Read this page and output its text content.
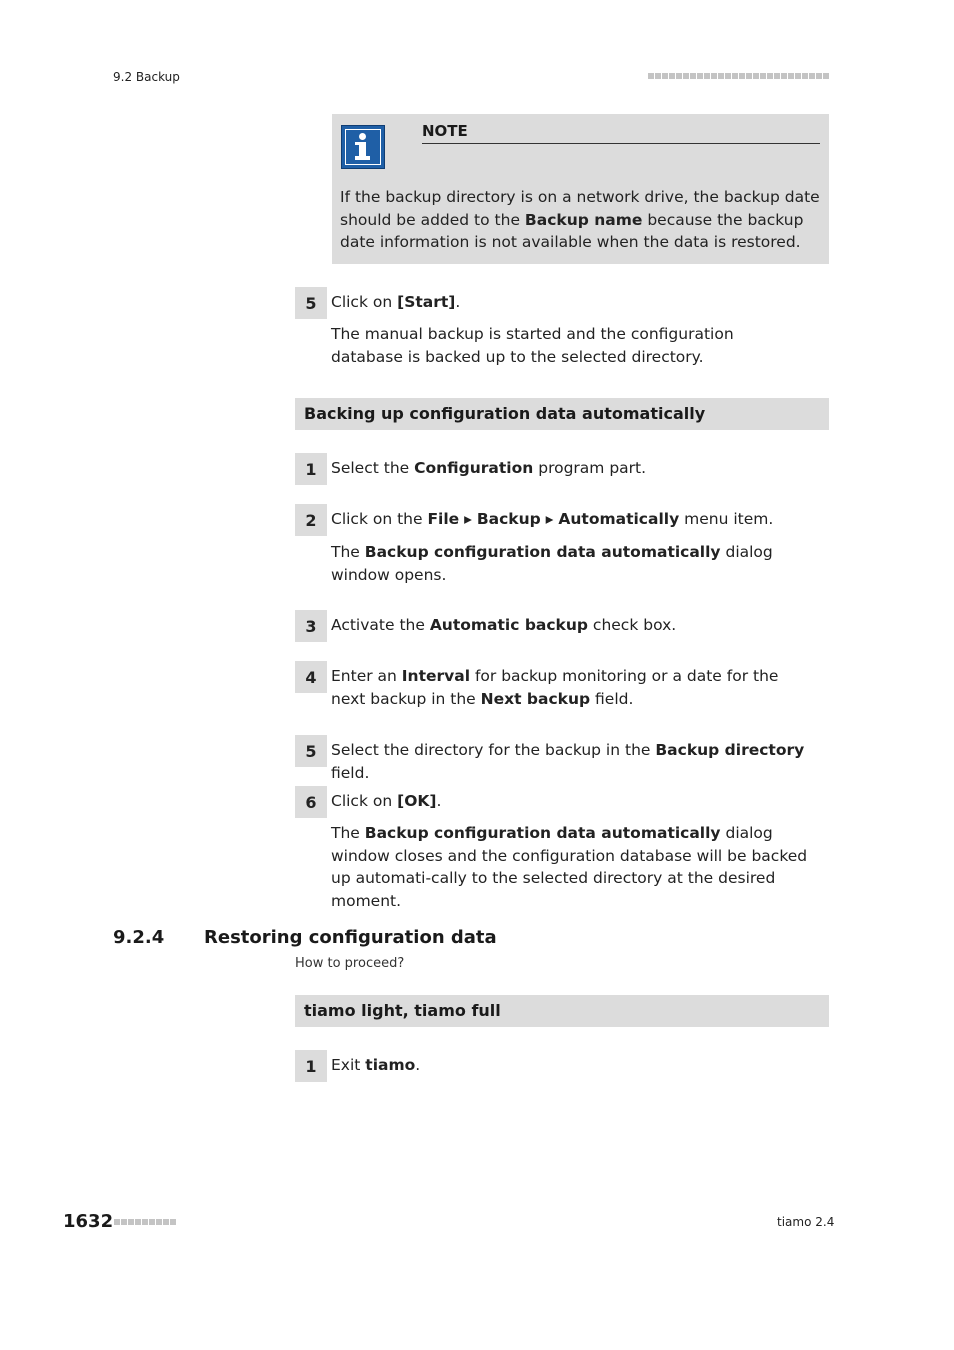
9.2 Backup
NOTE
If the backup directory is on a network drive, the backup date should be added to the Backup name because the backup date information is not available when the data is restored.
5 Click on [Start].
The manual backup is started and the configuration database is backed up to the selected directory.
Backing up configuration data automatically
1 Select the Configuration program part.
2 Click on the File ▸ Backup ▸ Automatically menu item.
The Backup configuration data automatically dialog window opens.
3 Activate the Automatic backup check box.
4 Enter an Interval for backup monitoring or a date for the next backup in the Next backup field.
5 Select the directory for the backup in the Backup directory field.
6 Click on [OK].
The Backup configuration data automatically dialog window closes and the configuration database will be backed up automati-cally to the selected directory at the desired moment.
9.2.4 Restoring configuration data
How to proceed?
tiamo light, tiamo full
1 Exit tiamo.
1632	tiamo 2.4
